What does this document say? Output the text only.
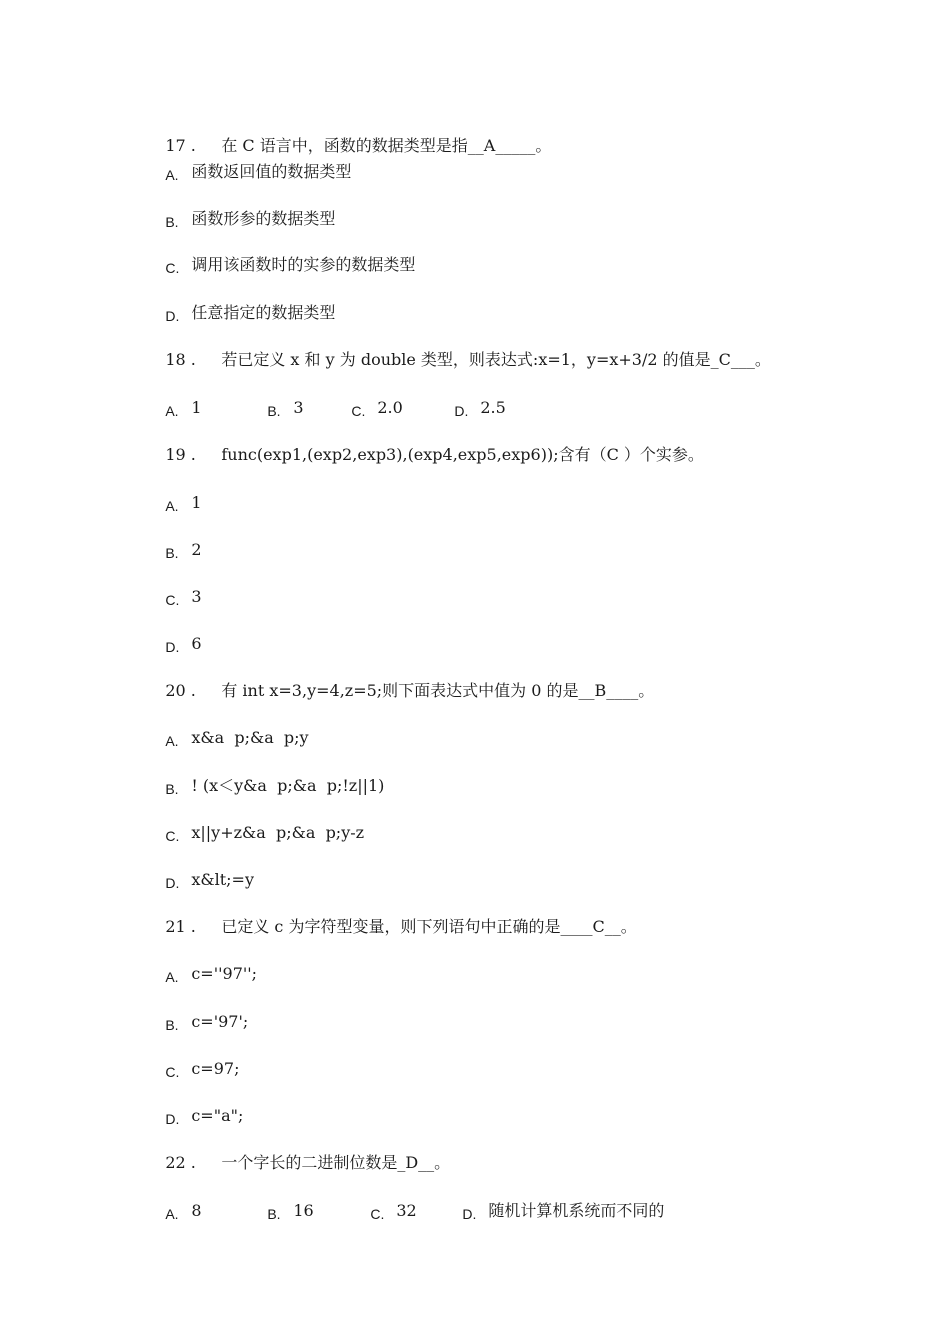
17 . 在 C 语言中，函数的数据类型是指__A_____。

A. 函数返回值的数据类型

B. 函数形参的数据类型

C. 调用该函数时的实参的数据类型

D. 任意指定的数据类型

18 . 若已定义 x 和 y 为 double 类型，则表达式:x=1，y=x+3/2 的值是_C___。

A. 1	B. 3	C. 2.0	D. 2.5

19 . func(exp1,(exp2,exp3),(exp4,exp5,exp6));含有（C ）个实参。

A. 1

B. 2

C. 3

D. 6

20 . 有 int x=3,y=4,z=5;则下面表达式中值为 0 的是__B____。

A. x&a  p;&a  p;y

B. ! (x＜y&a  p;&a  p;!z||1)

C. x||y+z&a  p;&a  p;y-z

D. x&lt;=y

21 . 已定义 c 为字符型变量，则下列语句中正确的是____C__。

A. c=''97'';

B. c='97';

C. c=97;

D. c="a";

22 . 一个字长的二进制位数是_D__。

A. 8	B. 16	C. 32	D. 随机计算机系统而不同的
